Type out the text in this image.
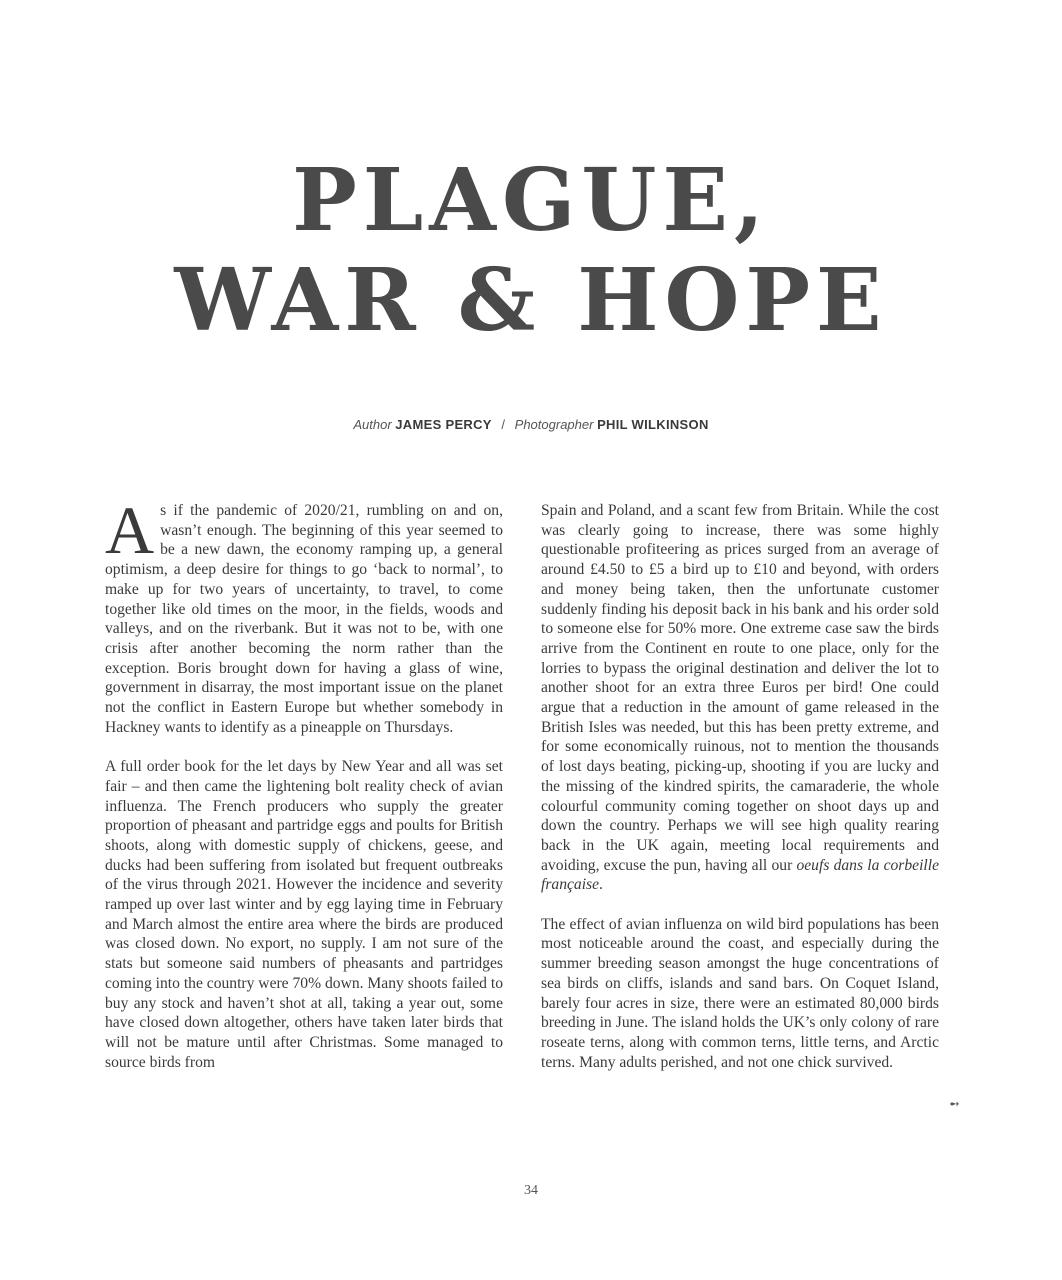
PLAGUE,
WAR & HOPE
Author JAMES PERCY / Photographer PHIL WILKINSON

As if the pandemic of 2020/21, rumbling on and on, wasn’t enough. The beginning of this year seemed to be a new dawn, the economy ramping up, a general optimism, a deep desire for things to go ‘back to normal’, to make up for two years of uncertainty, to travel, to come together like old times on the moor, in the fields, woods and valleys, and on the riverbank. But it was not to be, with one crisis after another becoming the norm rather than the exception. Boris brought down for having a glass of wine, government in disarray, the most important issue on the planet not the conflict in Eastern Europe but whether somebody in Hackney wants to identify as a pineapple on Thursdays.

A full order book for the let days by New Year and all was set fair – and then came the lightening bolt reality check of avian influenza. The French producers who supply the greater proportion of pheasant and partridge eggs and poults for British shoots, along with domestic supply of chickens, geese, and ducks had been suffering from isolated but frequent outbreaks of the virus through 2021. However the incidence and severity ramped up over last winter and by egg laying time in February and March almost the entire area where the birds are produced was closed down. No export, no supply. I am not sure of the stats but someone said numbers of pheasants and partridges coming into the country were 70% down. Many shoots failed to buy any stock and haven’t shot at all, taking a year out, some have closed down altogether, others have taken later birds that will not be mature until after Christmas. Some managed to source birds from

Spain and Poland, and a scant few from Britain. While the cost was clearly going to increase, there was some highly questionable profiteering as prices surged from an average of around £4.50 to £5 a bird up to £10 and beyond, with orders and money being taken, then the unfortunate customer suddenly finding his deposit back in his bank and his order sold to someone else for 50% more. One extreme case saw the birds arrive from the Continent en route to one place, only for the lorries to bypass the original destination and deliver the lot to another shoot for an extra three Euros per bird! One could argue that a reduction in the amount of game released in the British Isles was needed, but this has been pretty extreme, and for some economically ruinous, not to mention the thousands of lost days beating, picking-up, shooting if you are lucky and the missing of the kindred spirits, the camaraderie, the whole colourful community coming together on shoot days up and down the country. Perhaps we will see high quality rearing back in the UK again, meeting local requirements and avoiding, excuse the pun, having all our oeufs dans la corbeille française.

The effect of avian influenza on wild bird populations has been most noticeable around the coast, and especially during the summer breeding season amongst the huge concentrations of sea birds on cliffs, islands and sand bars. On Coquet Island, barely four acres in size, there were an estimated 80,000 birds breeding in June. The island holds the UK’s only colony of rare roseate terns, along with common terns, little terns, and Arctic terns. Many adults perished, and not one chick survived.

➻
34
